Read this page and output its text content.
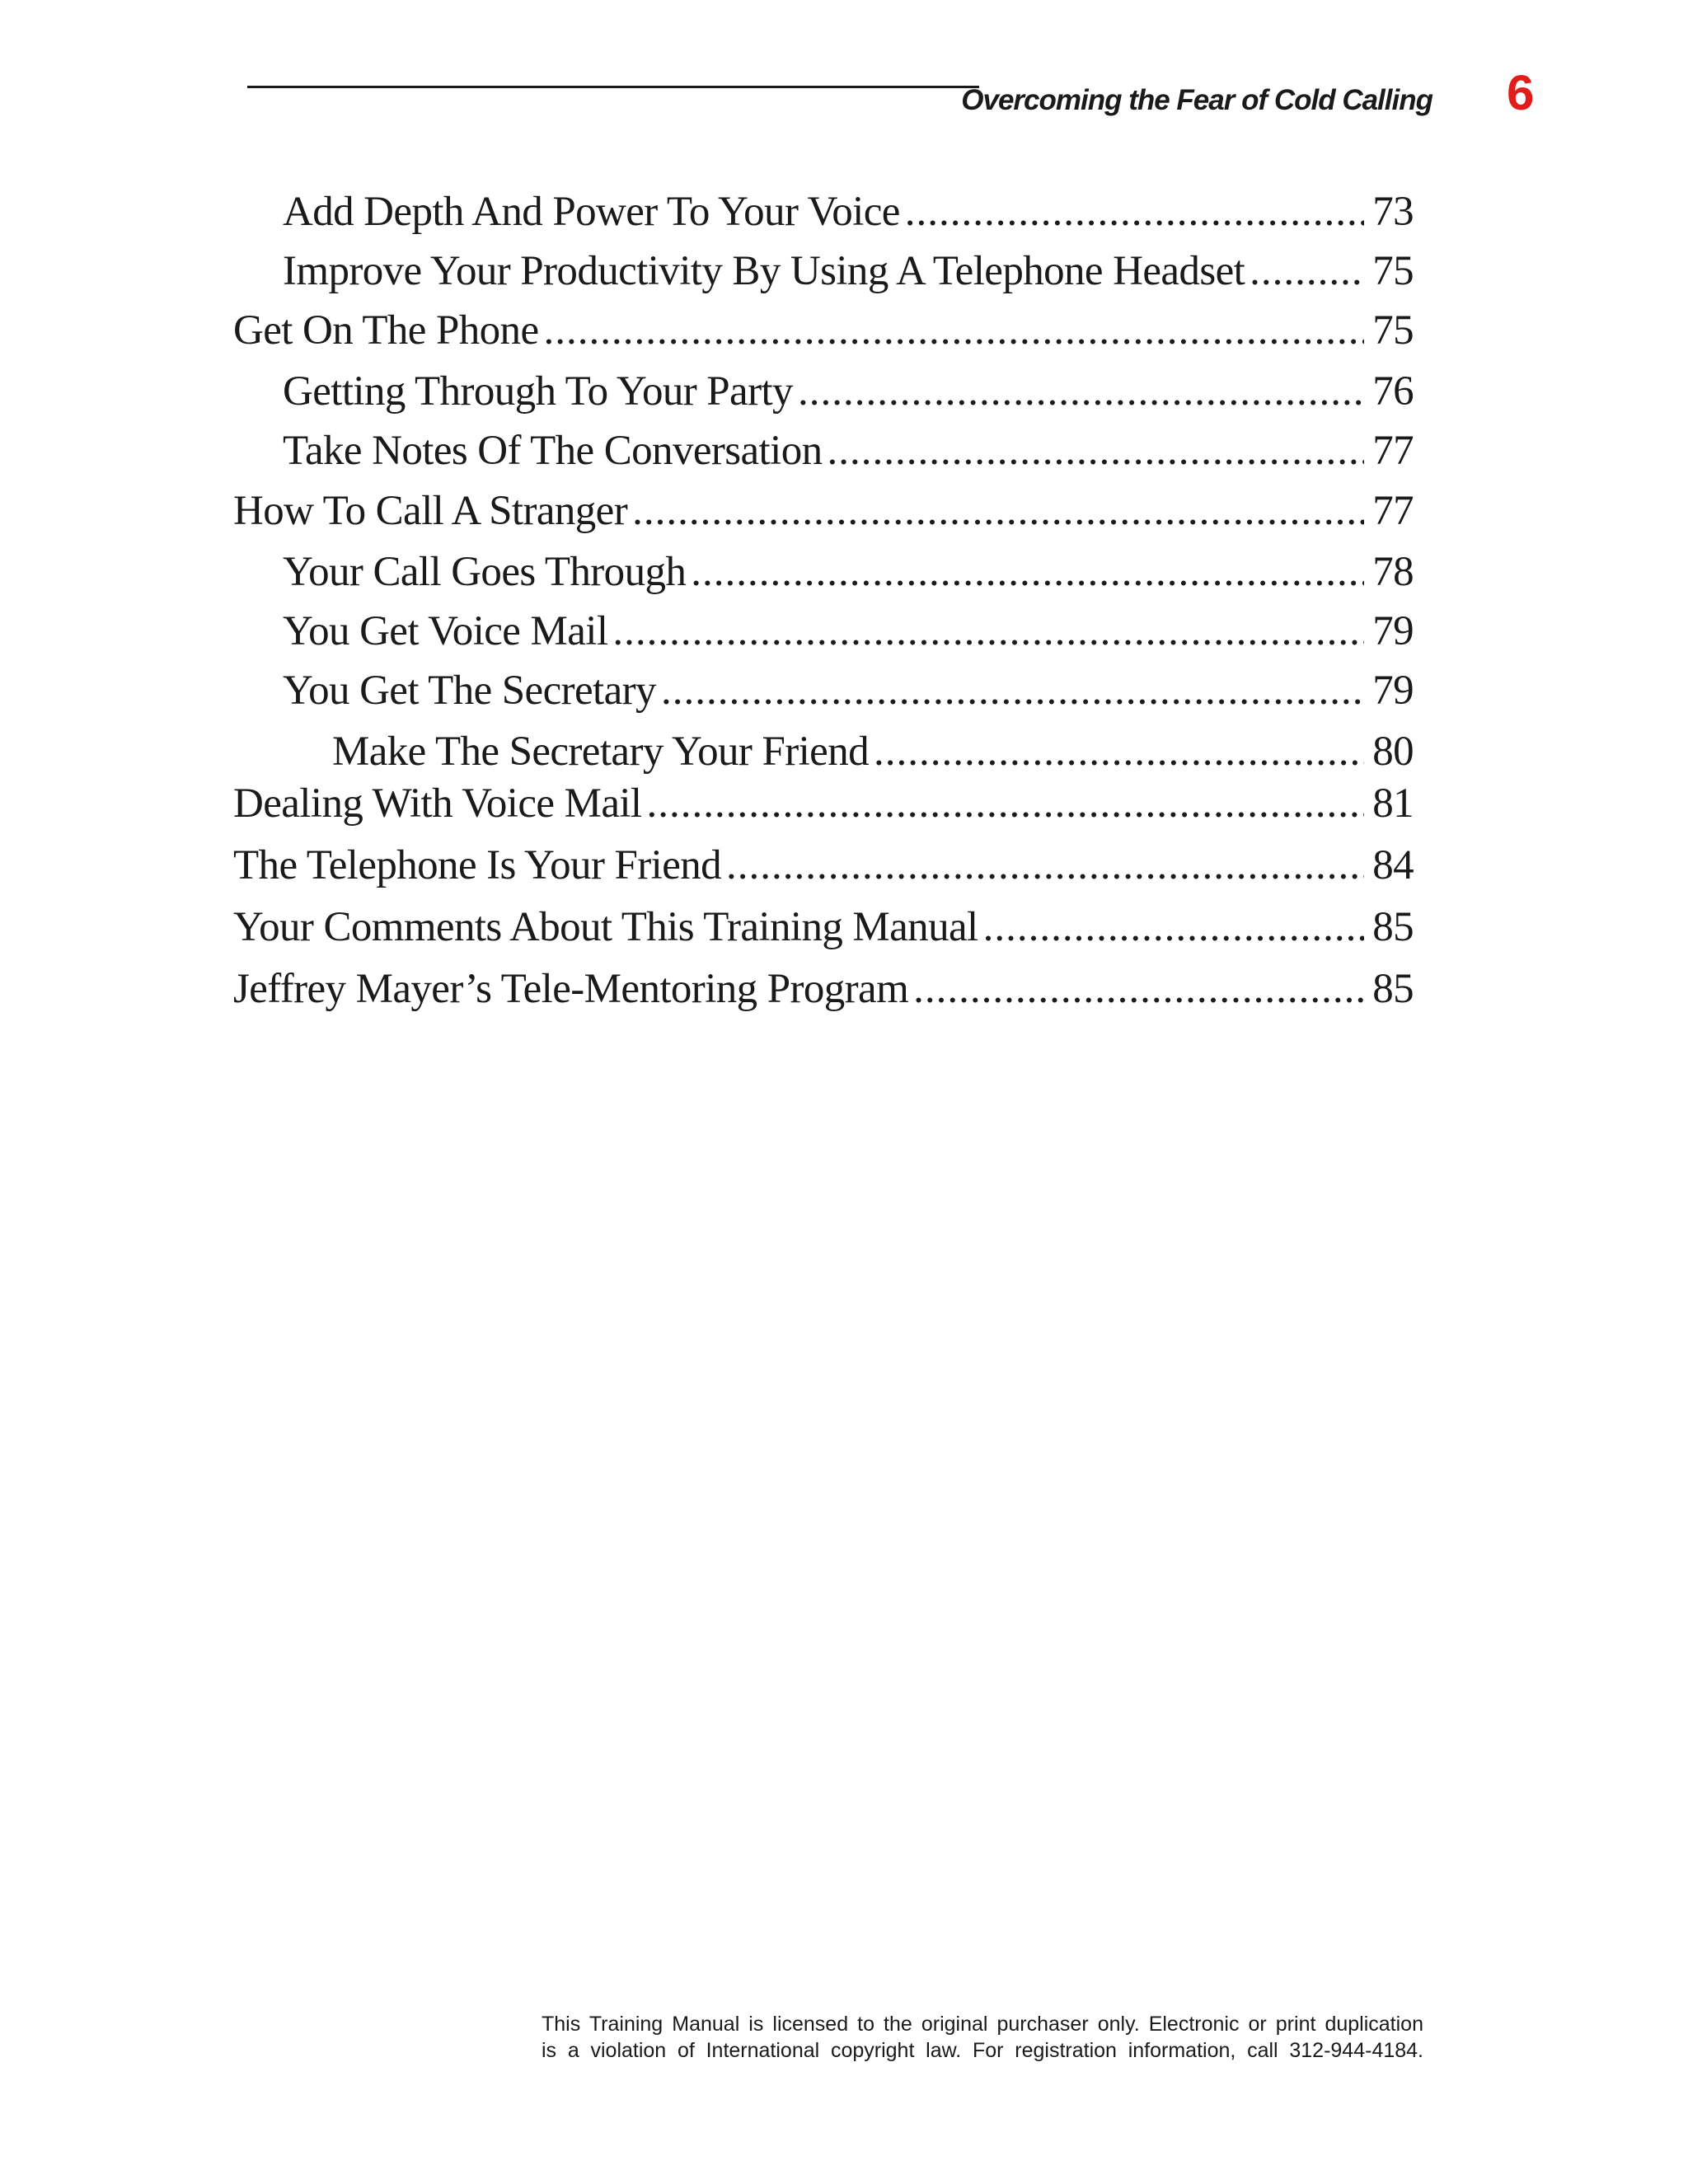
Overcoming the Fear of Cold Calling 6
Add Depth And Power To Your Voice .....	73
Improve Your Productivity By Using A Telephone Headset .....	75
Get On The Phone .....	75
Getting Through To Your Party .....	76
Take Notes Of The Conversation .....	77
How To Call A Stranger .....	77
Your Call Goes Through .....	78
You Get Voice Mail .....	79
You Get The Secretary .....	79
Make The Secretary Your Friend .....	80
Dealing With Voice Mail .....	81
The Telephone Is Your Friend .....	84
Your Comments About This Training Manual .....	85
Jeffrey Mayer’s Tele-Mentoring Program .....	85
This Training Manual is licensed to the original purchaser only. Electronic or print duplication
is a violation of International copyright law. For registration information, call 312-944-4184.
